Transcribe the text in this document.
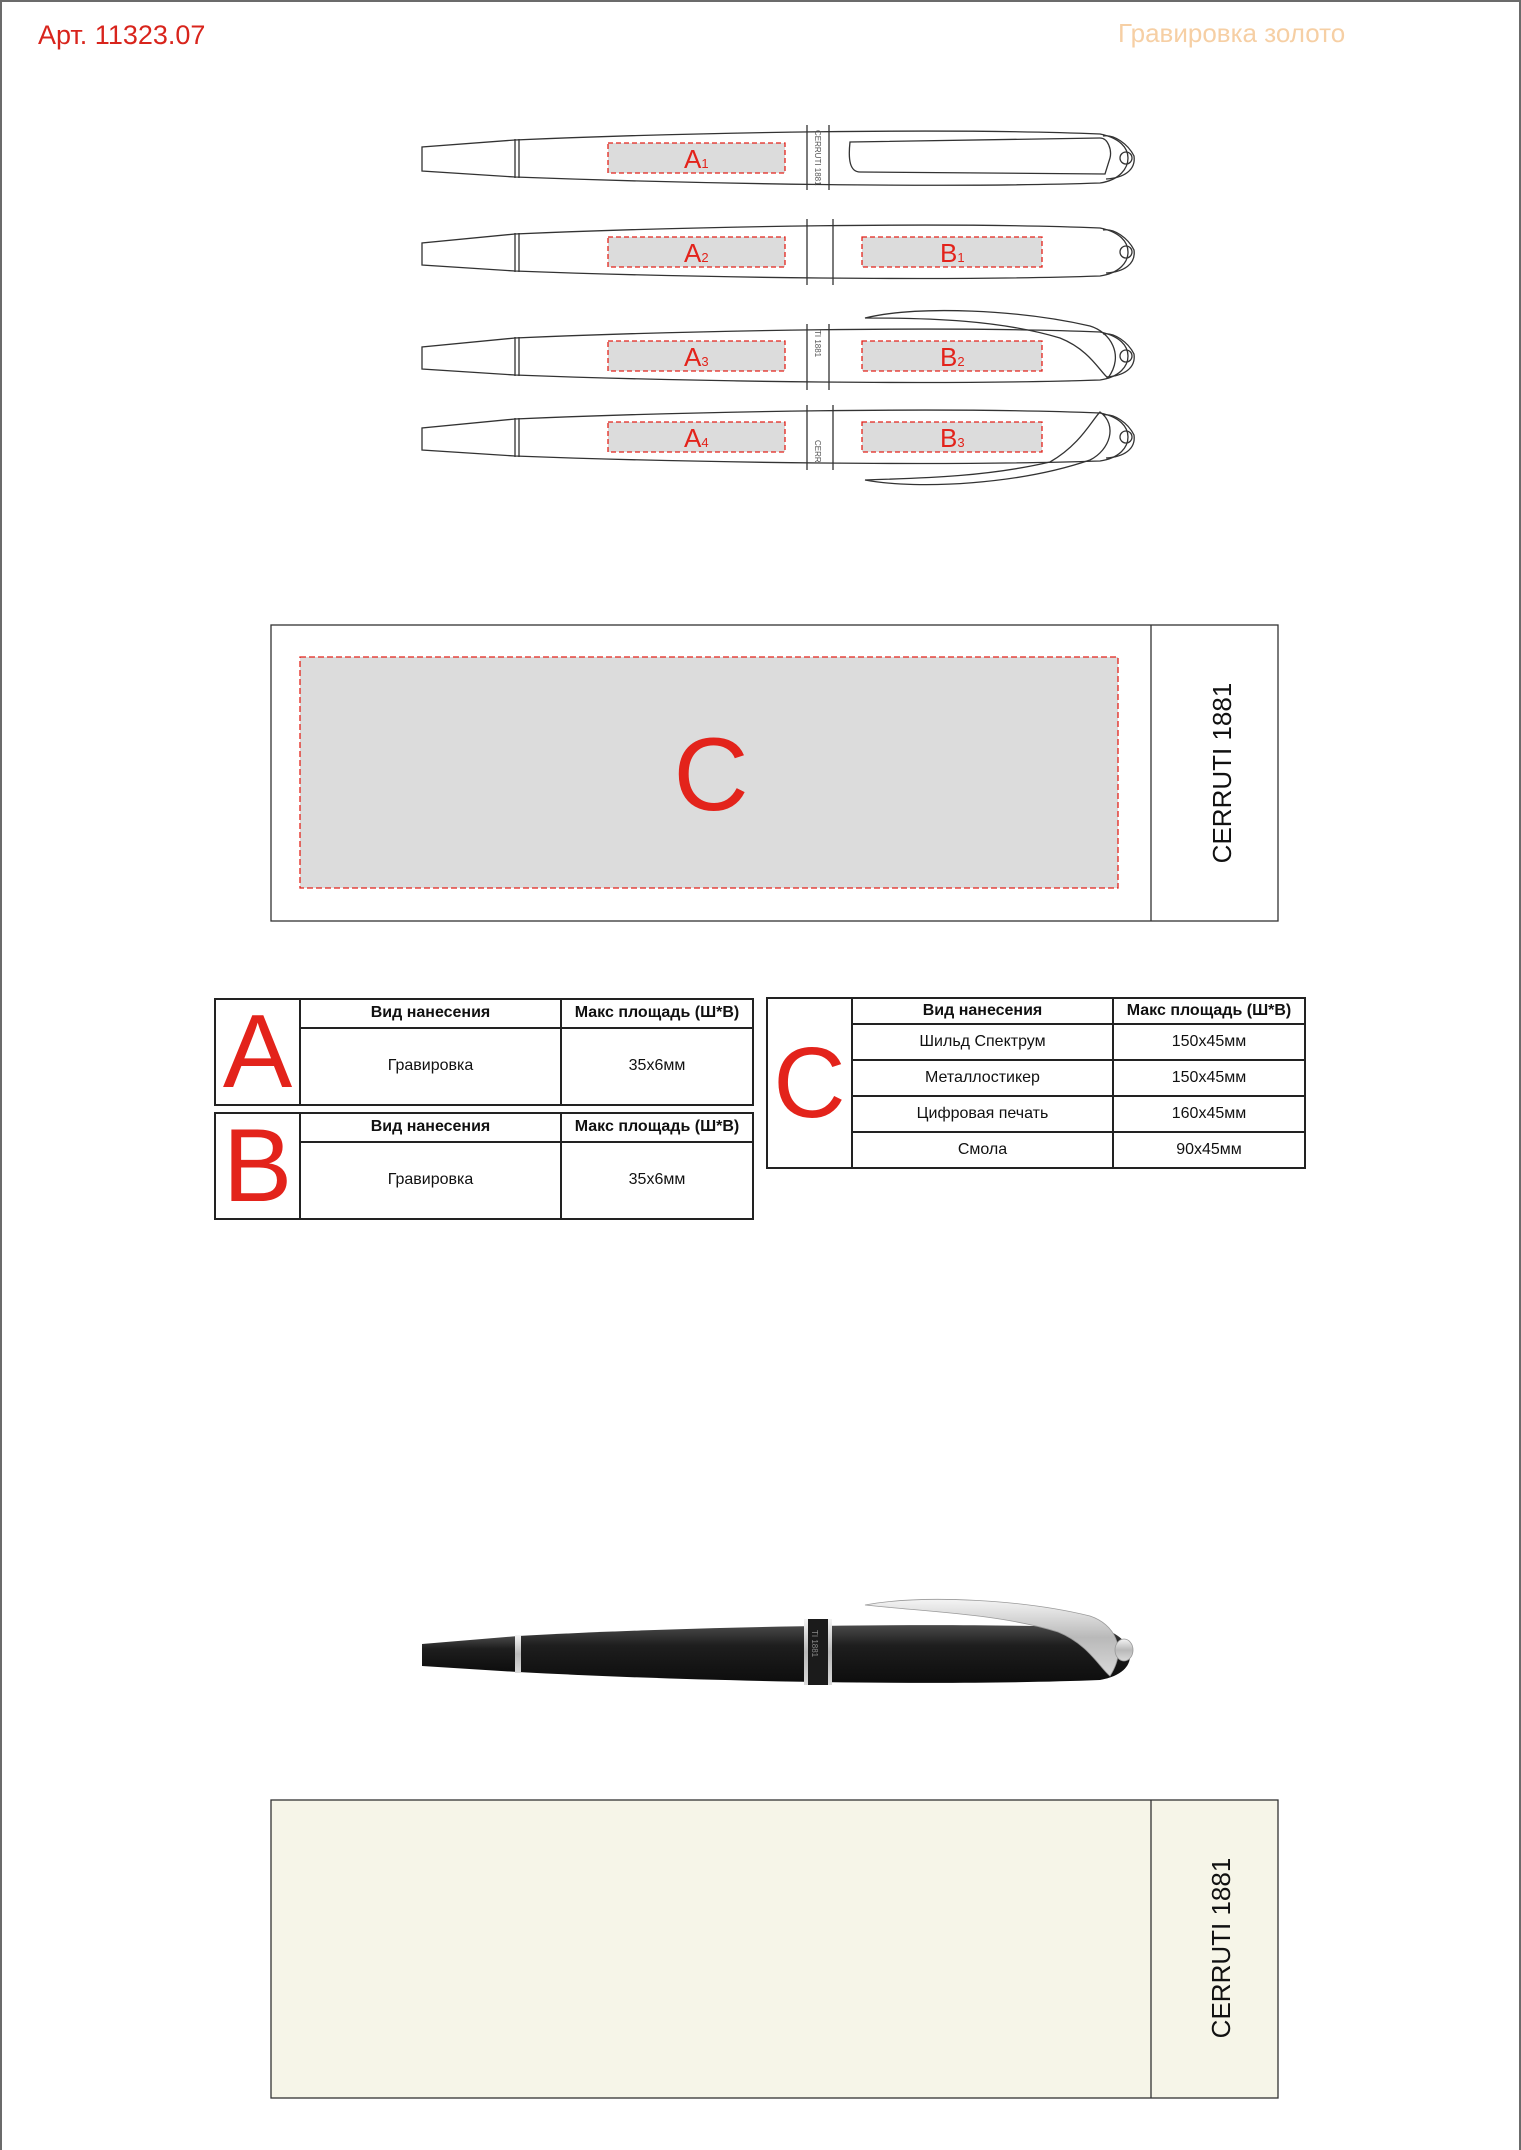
Арт. 11323.07	Гравировка золото
A1
A2	B1
A3	B2
A4	B3
CERRUTI 1881
TI 1881
CERR
C	CERRUTI 1881
A	Вид нанесения	Макс площадь (Ш*В)
	Гравировка	35x6мм
B	Вид нанесения	Макс площадь (Ш*В)
	Гравировка	35x6мм
C	Вид нанесения	Макс площадь (Ш*В)
	Шильд Спектрум	150x45мм
	Металлостикер	150x45мм
	Цифровая печать	160x45мм
	Смола	90x45мм
TI 1881
CERRUTI 1881
